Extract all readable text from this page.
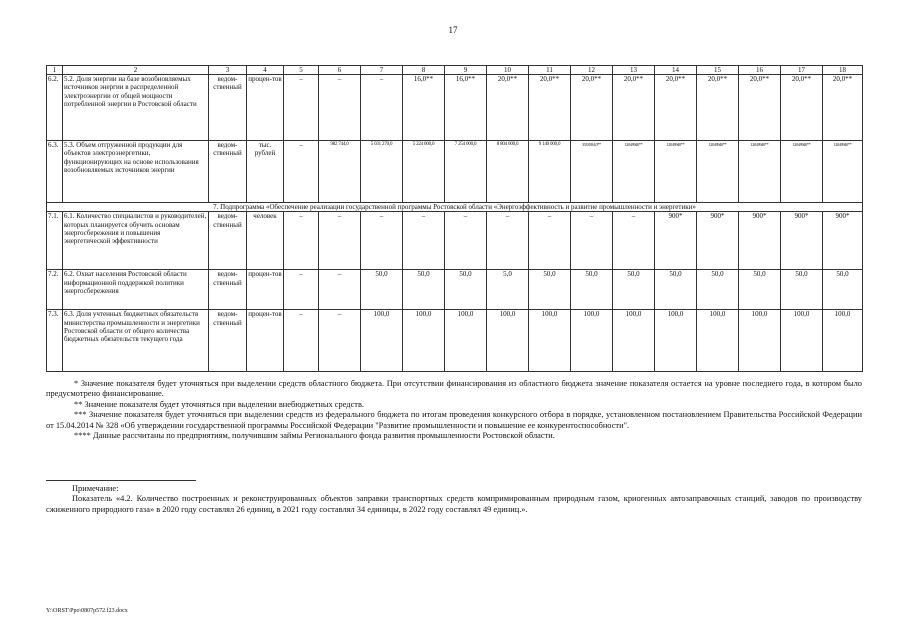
17
1	2	3	4	5	6	7	8	9	10	11	12	13	14	15	16	17	18
6.2.	5.2. Доля энергии на базе возобновляемых источников энергии в распределенной электроэнергии от общей мощности потребленной энергии в Ростовской области	ведом-ственный	процен-тов	–	–	–	16,0**	16,0**	20,0**	20,0**	20,0**	20,0**	20,0**	20,0**	20,0**	20,0**	20,0**
6.3.	5.3. Объем отгруженной продукции для объектов электроэнергетики, функционирующих на основе использования возобновляемых источников энергии	ведом-ственный	тыс. рублей	–	982 744,0	5 031 270,0	5 224 000,0	7 254 000,0	8 804 000,0	9 140 000,0	3518394,0**	12049940**	12049940**	12049940**	12049940**	12049940**	12049940**
7. Подпрограмма «Обеспечение реализации государственной программы Ростовской области «Энергоэффективность и развитие промышленности и энергетики»																	
7.1.	6.1. Количество специалистов и руководителей, которых планируется обучить основам энергосбережения и повышения энергетической эффективности	ведом-ственный	человек	–	–	–	–	–	–	–	–	–	900*	900*	900*	900*	900*
7.2.	6.2. Охват населения Ростовской области информационной поддержкой политики энергосбережения	ведом-ственный	процен-тов	–	–	50,0	50,0	50,0	5,0	50,0	50,0	50,0	50,0	50,0	50,0	50,0	50,0
7.3.	6.3. Доля учтенных бюджетных обязательств министерства промышленности и энергетики Ростовской области от общего количества бюджетных обязательств текущего года	ведом-ственный	процен-тов	–	–	100,0	100,0	100,0	100,0	100,0	100,0	100,0	100,0	100,0	100,0	100,0	100,0

* Значение показателя будет уточняться при выделении средств областного бюджета. При отсутствии финансирования из областного бюджета значение показателя остается на уровне последнего года, в котором было предусмотрено финансирование.

** Значение показателя будет уточняться при выделении внебюджетных средств.

*** Значение показателя будет уточняться при выделении средств из федерального бюджета по итогам проведения конкурсного отбора в порядке, установленном постановлением Правительства Российской Федерации от 15.04.2014 № 328 «Об утверждении государственной программы Российской Федерации "Развитие промышленности и повышение ее конкурентоспособности".

**** Данные рассчитаны по предприятиям, получившим займы Регионального фонда развития промышленности Ростовской области.

Примечание:

Показатель «4.2. Количество построенных и реконструированных объектов заправки транспортных средств компримированным природным газом, криогенных автозаправочных станций, заводов по производству сжиженного природного газа» в 2020 году составлял 26 единиц, в 2021 году составлял 34 единицы, в 2022 году составлял 49 единиц.».

Y:\ORST\Ppo\0807p572.f23.docx
